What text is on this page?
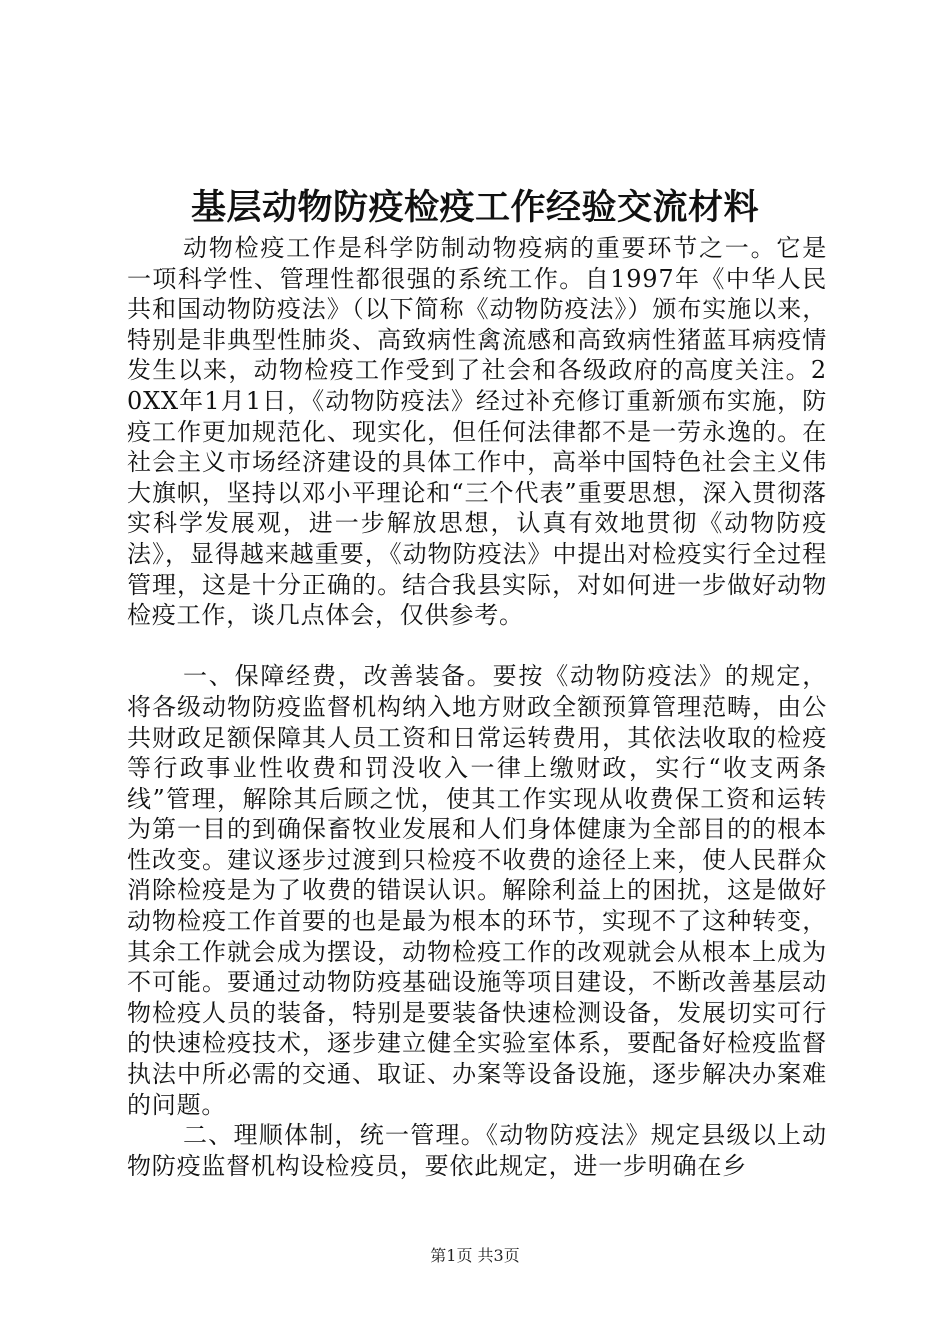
基层动物防疫检疫工作经验交流材料

动物检疫工作是科学防制动物疫病的重要环节之一。它是一项科学性、管理性都很强的系统工作。自1997年《中华人民共和国动物防疫法》（以下简称《动物防疫法》）颁布实施以来，特别是非典型性肺炎、高致病性禽流感和高致病性猪蓝耳病疫情发生以来，动物检疫工作受到了社会和各级政府的高度关注。20XX年1月1日，《动物防疫法》经过补充修订重新颁布实施，防疫工作更加规范化、现实化，但任何法律都不是一劳永逸的。在社会主义市场经济建设的具体工作中，高举中国特色社会主义伟大旗帜，坚持以邓小平理论和“三个代表”重要思想，深入贯彻落实科学发展观，进一步解放思想，认真有效地贯彻《动物防疫法》，显得越来越重要，《动物防疫法》中提出对检疫实行全过程管理，这是十分正确的。结合我县实际，对如何进一步做好动物检疫工作，谈几点体会，仅供参考。

一、保障经费，改善装备。要按《动物防疫法》的规定，将各级动物防疫监督机构纳入地方财政全额预算管理范畴，由公共财政足额保障其人员工资和日常运转费用，其依法收取的检疫等行政事业性收费和罚没收入一律上缴财政，实行“收支两条线”管理，解除其后顾之忧，使其工作实现从收费保工资和运转为第一目的到确保畜牧业发展和人们身体健康为全部目的的根本性改变。建议逐步过渡到只检疫不收费的途径上来，使人民群众消除检疫是为了收费的错误认识。解除利益上的困扰，这是做好动物检疫工作首要的也是最为根本的环节，实现不了这种转变，其余工作就会成为摆设，动物检疫工作的改观就会从根本上成为不可能。要通过动物防疫基础设施等项目建设，不断改善基层动物检疫人员的装备，特别是要装备快速检测设备，发展切实可行的快速检疫技术，逐步建立健全实验室体系，要配备好检疫监督执法中所必需的交通、取证、办案等设备设施，逐步解决办案难的问题。

二、理顺体制，统一管理。《动物防疫法》规定县级以上动物防疫监督机构设检疫员，要依此规定，进一步明确在乡

第1页 共3页
